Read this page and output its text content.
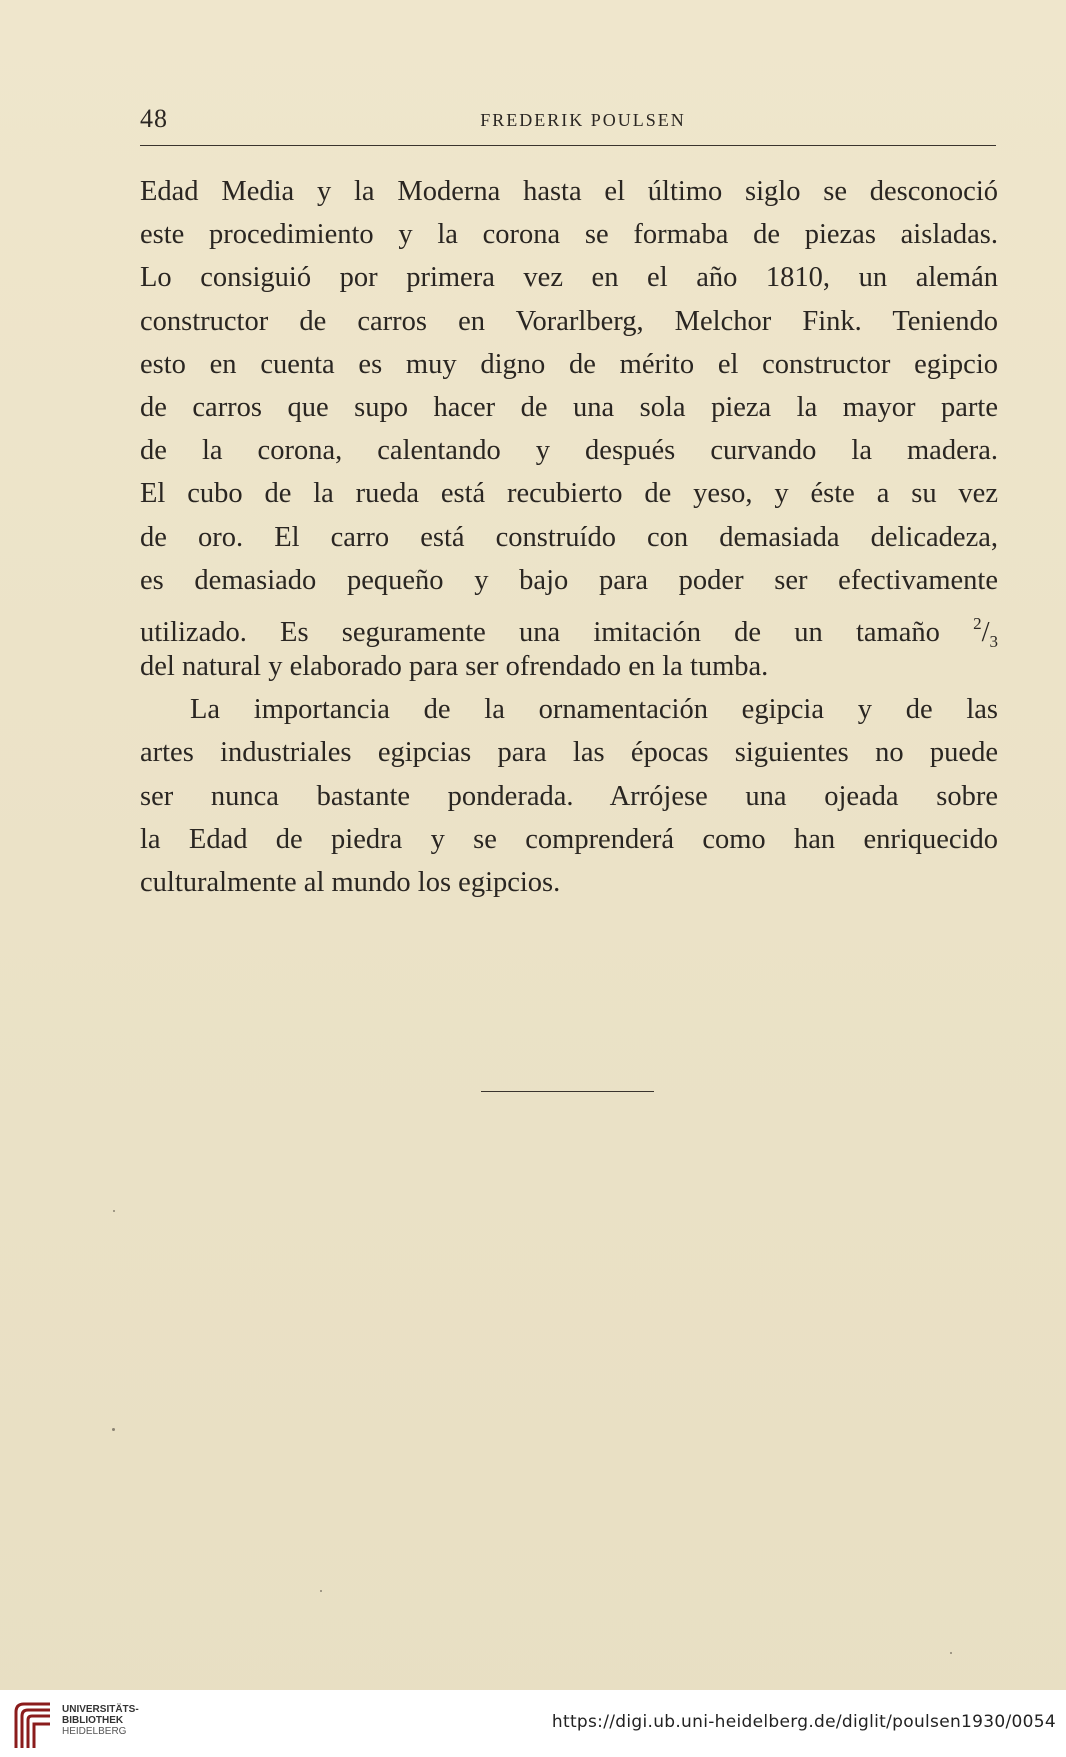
48	FREDERIK POULSEN
Edad Media y la Moderna hasta el último siglo se desconoció
este procedimiento y la corona se formaba de piezas aisladas.
Lo consiguió por primera vez en el año 1810, un alemán
constructor de carros en Vorarlberg, Melchor Fink. Teniendo
esto en cuenta es muy digno de mérito el constructor egipcio
de carros que supo hacer de una sola pieza la mayor parte
de la corona, calentando y después curvando la madera.
El cubo de la rueda está recubierto de yeso, y éste a su vez
de oro. El carro está construído con demasiada delicadeza,
es demasiado pequeño y bajo para poder ser efectivamente
utilizado. Es seguramente una imitación de un tamaño $^2/_3$
del natural y elaborado para ser ofrendado en la tumba.
La importancia de la ornamentación egipcia y de las
artes industriales egipcias para las épocas siguientes no puede
ser nunca bastante ponderada. Arrójese una ojeada sobre
la Edad de piedra y se comprenderá como han enriquecido
culturalmente al mundo los egipcios.
UNIVERSITÄTS-
BIBLIOTHEK
HEIDELBERG	https://digi.ub.uni-heidelberg.de/diglit/poulsen1930/0054
